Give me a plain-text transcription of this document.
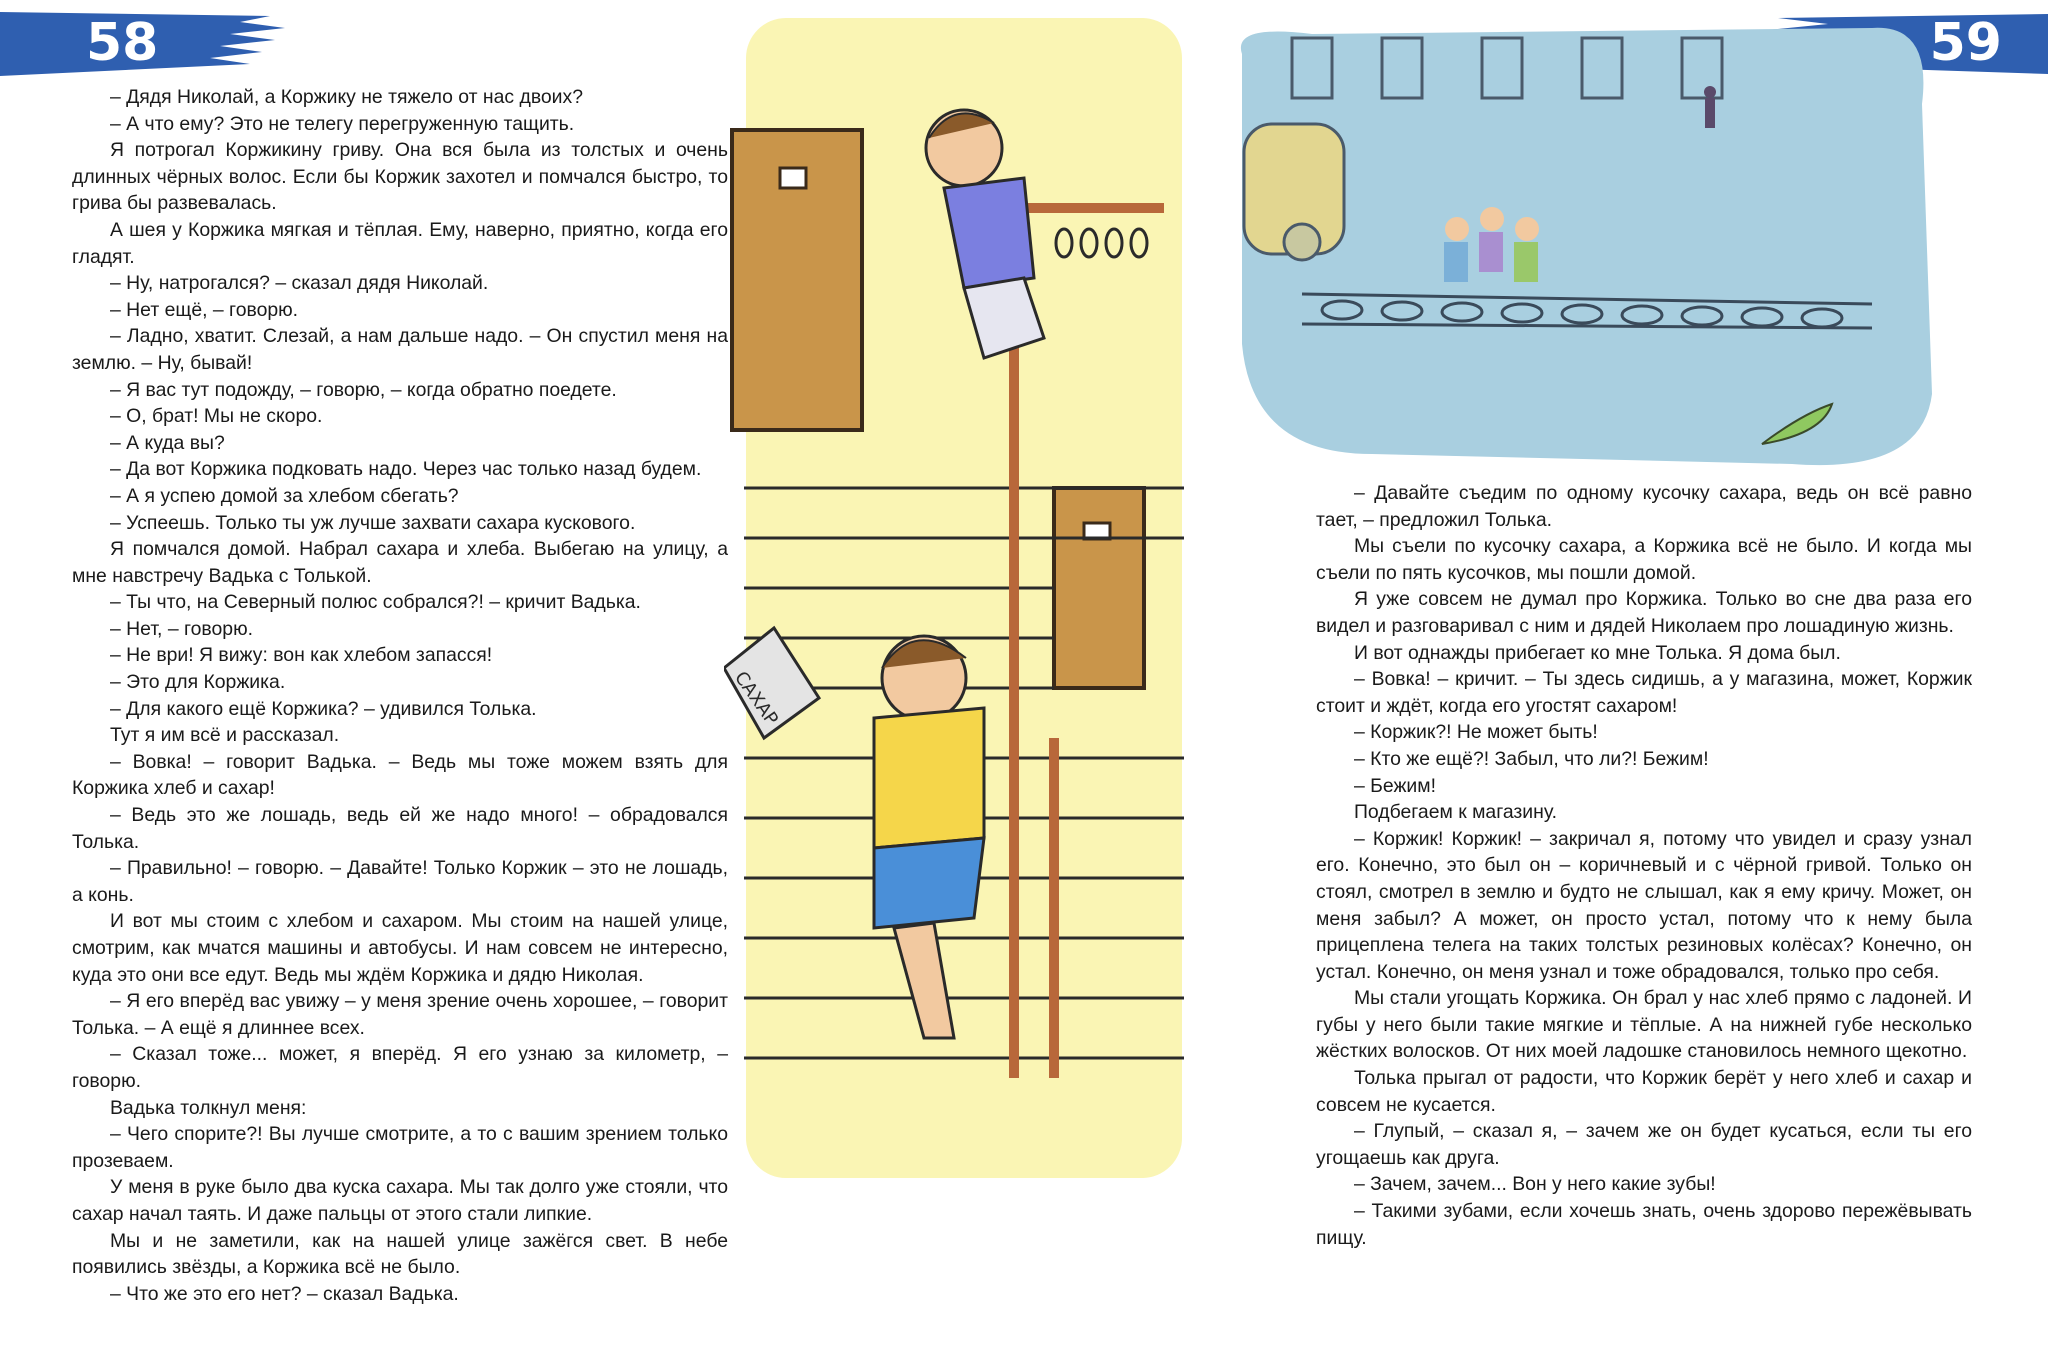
58	59

– Дядя Николай, а Коржику не тяжело от нас двоих?

– А что ему? Это не телегу перегруженную тащить.

Я потрогал Коржикину гриву. Она вся была из толстых и очень длинных чёрных волос. Если бы Коржик захотел и помчался быстро, то грива бы развевалась.

А шея у Коржика мягкая и тёплая. Ему, наверно, приятно, когда его гладят.

– Ну, натрогался? – сказал дядя Николай.

– Нет ещё, – говорю.

– Ладно, хватит. Слезай, а нам дальше надо. – Он спустил меня на землю. – Ну, бывай!

– Я вас тут подожду, – говорю, – когда обратно поедете.

– О, брат! Мы не скоро.

– А куда вы?

– Да вот Коржика подковать надо. Через час только назад будем.

– А я успею домой за хлебом сбегать?

– Успеешь. Только ты уж лучше захвати сахара кускового.

Я помчался домой. Набрал сахара и хлеба. Выбегаю на улицу, а мне навстречу Вадька с Толькой.

– Ты что, на Северный полюс собрался?! – кричит Вадька.

– Нет, – говорю.

– Не ври! Я вижу: вон как хлебом запасся!

– Это для Коржика.

– Для какого ещё Коржика? – удивился Толька.

Тут я им всё и рассказал.

– Вовка! – говорит Вадька. – Ведь мы тоже можем взять для Коржика хлеб и сахар!

– Ведь это же лошадь, ведь ей же надо много! – обрадовался Толька.

– Правильно! – говорю. – Давайте! Только Коржик – это не лошадь, а конь.

И вот мы стоим с хлебом и сахаром. Мы стоим на нашей улице, смотрим, как мчатся машины и автобусы. И нам совсем не интересно, куда это они все едут. Ведь мы ждём Коржика и дядю Николая.

– Я его вперёд вас увижу – у меня зрение очень хорошее, – говорит Толька. – А ещё я длиннее всех.

– Сказал тоже... может, я вперёд. Я его узнаю за километр, – говорю.

Вадька толкнул меня:

– Чего спорите?! Вы лучше смотрите, а то с вашим зрением только прозеваем.

У меня в руке было два куска сахара. Мы так долго уже стояли, что сахар начал таять. И даже пальцы от этого стали липкие.

Мы и не заметили, как на нашей улице зажёгся свет. В небе появились звёзды, а Коржика всё не было.

– Что же это его нет? – сказал Вадька.

САХАР

– Давайте съедим по одному кусочку сахара, ведь он всё равно тает, – предложил Толька.

Мы съели по кусочку сахара, а Коржика всё не было. И когда мы съели по пять кусочков, мы пошли домой.

Я уже совсем не думал про Коржика. Только во сне два раза его видел и разговаривал с ним и дядей Николаем про лошадиную жизнь.

И вот однажды прибегает ко мне Толька. Я дома был.

– Вовка! – кричит. – Ты здесь сидишь, а у магазина, может, Коржик стоит и ждёт, когда его угостят сахаром!

– Коржик?! Не может быть!

– Кто же ещё?! Забыл, что ли?! Бежим!

– Бежим!

Подбегаем к магазину.

– Коржик! Коржик! – закричал я, потому что увидел и сразу узнал его. Конечно, это был он – коричневый и с чёрной гривой. Только он стоял, смотрел в землю и будто не слышал, как я ему кричу. Может, он меня забыл? А может, он просто устал, потому что к нему была прицеплена телега на таких толстых резиновых колёсах? Конечно, он устал. Конечно, он меня узнал и тоже обрадовался, только про себя.

Мы стали угощать Коржика. Он брал у нас хлеб прямо с ладоней. И губы у него были такие мягкие и тёплые. А на нижней губе несколько жёстких волосков. От них моей ладошке становилось немного щекотно.

Толька прыгал от радости, что Коржик берёт у него хлеб и сахар и совсем не кусается.

– Глупый, – сказал я, – зачем же он будет кусаться, если ты его угощаешь как друга.

– Зачем, зачем... Вон у него какие зубы!

– Такими зубами, если хочешь знать, очень здорово пережёвывать пищу.
